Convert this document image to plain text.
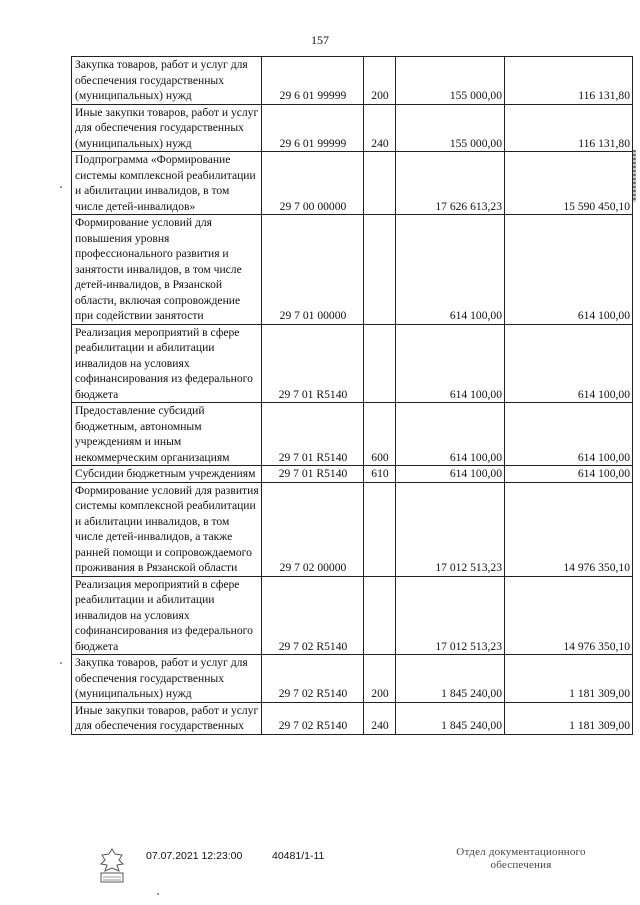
157
Закупка товаров, работ и услуг для обеспечения государственных (муниципальных) нужд	29 6 01 99999	200	155 000,00	116 131,80
Иные закупки товаров, работ и услуг для обеспечения государственных (муниципальных) нужд	29 6 01 99999	240	155 000,00	116 131,80
Подпрограмма «Формирование системы комплексной реабилитации и абилитации инвалидов, в том числе детей-инвалидов»	29 7 00 00000		17 626 613,23	15 590 450,10
Формирование условий для повышения уровня профессионального развития и занятости инвалидов, в том числе детей-инвалидов, в Рязанской области, включая сопровождение при содействии занятости	29 7 01 00000		614 100,00	614 100,00
Реализация мероприятий в сфере реабилитации и абилитации инвалидов на условиях софинансирования из федерального бюджета	29 7 01 R5140		614 100,00	614 100,00
Предоставление субсидий бюджетным, автономным учреждениям и иным некоммерческим организациям	29 7 01 R5140	600	614 100,00	614 100,00
Субсидии бюджетным учреждениям	29 7 01 R5140	610	614 100,00	614 100,00
Формирование условий для развития системы комплексной реабилитации и абилитации инвалидов, в том числе детей-инвалидов, а также ранней помощи и сопровождаемого проживания в Рязанской области	29 7 02 00000		17 012 513,23	14 976 350,10
Реализация мероприятий в сфере реабилитации и абилитации инвалидов на условиях софинансирования из федерального бюджета	29 7 02 R5140		17 012 513,23	14 976 350,10
Закупка товаров, работ и услуг для обеспечения государственных (муниципальных) нужд	29 7 02 R5140	200	1 845 240,00	1 181 309,00
Иные закупки товаров, работ и услуг для обеспечения государственных	29 7 02 R5140	240	1 845 240,00	1 181 309,00
07.07.2021 12:23:00	40481/1-11	Отдел документационного
обеспечения
